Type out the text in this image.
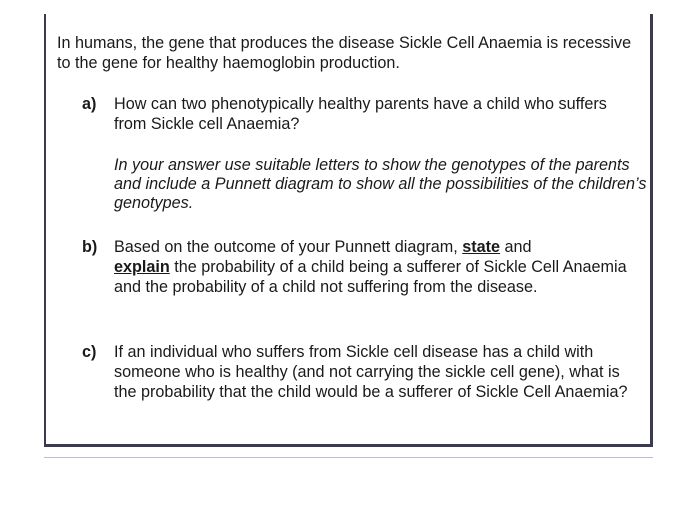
In humans, the gene that produces the disease Sickle Cell Anaemia is recessive to the gene for healthy haemoglobin production.

a) How can two phenotypically healthy parents have a child who suffers from Sickle cell Anaemia?

In your answer use suitable letters to show the genotypes of the parents and include a Punnett diagram to show all the possibilities of the children’s genotypes.

b) Based on the outcome of your Punnett diagram, state and
explain the probability of a child being a sufferer of Sickle Cell Anaemia and the probability of a child not suffering from the disease.

c) If an individual who suffers from Sickle cell disease has a child with someone who is healthy (and not carrying the sickle cell gene), what is the probability that the child would be a sufferer of Sickle Cell Anaemia?
